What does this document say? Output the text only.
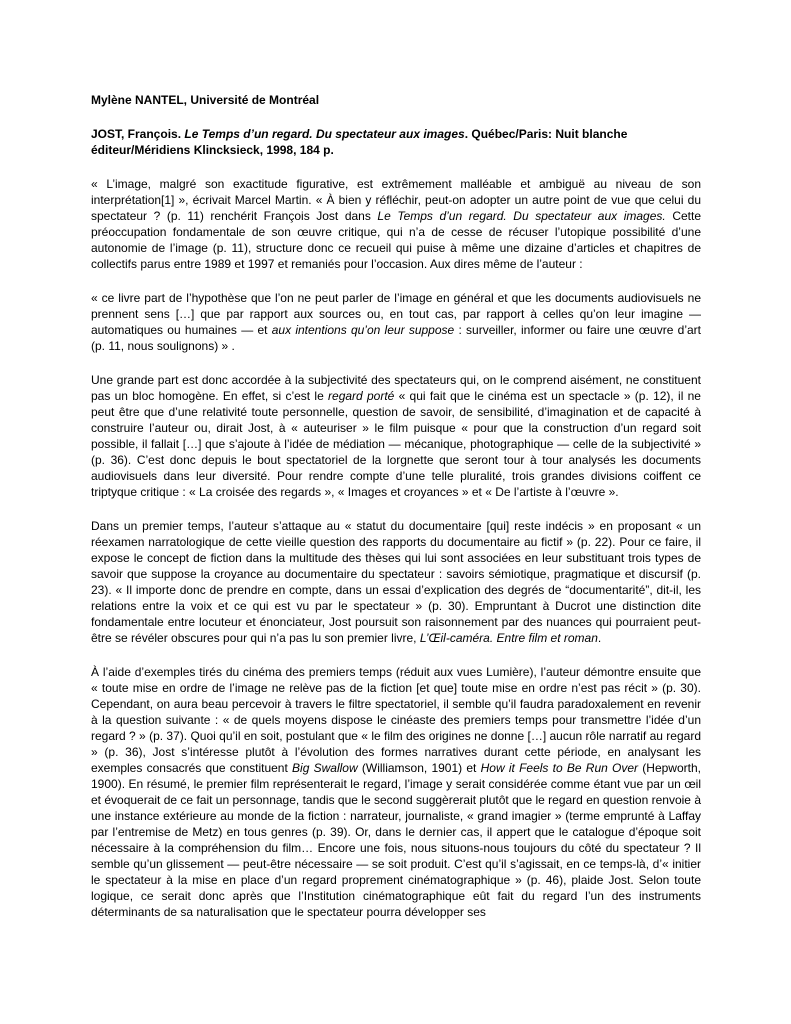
Mylène NANTEL, Université de Montréal

JOST, François. Le Temps d’un regard. Du spectateur aux images. Québec/Paris: Nuit blanche éditeur/Méridiens Klincksieck, 1998, 184 p.

« L’image, malgré son exactitude figurative, est extrêmement malléable et ambiguë au niveau de son interprétation[1] », écrivait Marcel Martin. « À bien y réfléchir, peut-on adopter un autre point de vue que celui du spectateur ? (p. 11) renchérit François Jost dans Le Temps d’un regard. Du spectateur aux images. Cette préoccupation fondamentale de son œuvre critique, qui n’a de cesse de récuser l’utopique possibilité d’une autonomie de l’image (p. 11), structure donc ce recueil qui puise à même une dizaine d’articles et chapitres de collectifs parus entre 1989 et 1997 et remaniés pour l’occasion. Aux dires même de l’auteur :

« ce livre part de l’hypothèse que l’on ne peut parler de l’image en général et que les documents audiovisuels ne prennent sens […] que par rapport aux sources ou, en tout cas, par rapport à celles qu’on leur imagine — automatiques ou humaines — et aux intentions qu’on leur suppose : surveiller, informer ou faire une œuvre d’art (p. 11, nous soulignons) » .

Une grande part est donc accordée à la subjectivité des spectateurs qui, on le comprend aisément, ne constituent pas un bloc homogène. En effet, si c’est le regard porté « qui fait que le cinéma est un spectacle » (p. 12), il ne peut être que d’une relativité toute personnelle, question de savoir, de sensibilité, d’imagination et de capacité à construire l’auteur ou, dirait Jost, à « auteuriser » le film puisque « pour que la construction d’un regard soit possible, il fallait […] que s’ajoute à l’idée de médiation — mécanique, photographique — celle de la subjectivité » (p. 36). C’est donc depuis le bout spectatoriel de la lorgnette que seront tour à tour analysés les documents audiovisuels dans leur diversité. Pour rendre compte d’une telle pluralité, trois grandes divisions coiffent ce triptyque critique : « La croisée des regards », « Images et croyances » et « De l’artiste à l’œuvre ».

Dans un premier temps, l’auteur s’attaque au « statut du documentaire [qui] reste indécis » en proposant « un réexamen narratologique de cette vieille question des rapports du documentaire au fictif » (p. 22). Pour ce faire, il expose le concept de fiction dans la multitude des thèses qui lui sont associées en leur substituant trois types de savoir que suppose la croyance au documentaire du spectateur : savoirs sémiotique, pragmatique et discursif (p. 23). « Il importe donc de prendre en compte, dans un essai d’explication des degrés de “documentarité”, dit-il, les relations entre la voix et ce qui est vu par le spectateur » (p. 30). Empruntant à Ducrot une distinction dite fondamentale entre locuteur et énonciateur, Jost poursuit son raisonnement par des nuances qui pourraient peut-être se révéler obscures pour qui n’a pas lu son premier livre, L’Œil-caméra. Entre film et roman.

À l’aide d’exemples tirés du cinéma des premiers temps (réduit aux vues Lumière), l’auteur démontre ensuite que « toute mise en ordre de l’image ne relève pas de la fiction [et que] toute mise en ordre n’est pas récit » (p. 30). Cependant, on aura beau percevoir à travers le filtre spectatoriel, il semble qu’il faudra paradoxalement en revenir à la question suivante : « de quels moyens dispose le cinéaste des premiers temps pour transmettre l’idée d’un regard ? » (p. 37). Quoi qu’il en soit, postulant que « le film des origines ne donne […] aucun rôle narratif au regard » (p. 36), Jost s’intéresse plutôt à l’évolution des formes narratives durant cette période, en analysant les exemples consacrés que constituent Big Swallow (Williamson, 1901) et How it Feels to Be Run Over (Hepworth, 1900). En résumé, le premier film représenterait le regard, l’image y serait considérée comme étant vue par un œil et évoquerait de ce fait un personnage, tandis que le second suggèrerait plutôt que le regard en question renvoie à une instance extérieure au monde de la fiction : narrateur, journaliste, « grand imagier » (terme emprunté à Laffay par l’entremise de Metz) en tous genres (p. 39). Or, dans le dernier cas, il appert que le catalogue d’époque soit nécessaire à la compréhension du film… Encore une fois, nous situons-nous toujours du côté du spectateur ? Il semble qu’un glissement — peut-être nécessaire — se soit produit. C’est qu’il s’agissait, en ce temps-là, d’« initier le spectateur à la mise en place d’un regard proprement cinématographique » (p. 46), plaide Jost. Selon toute logique, ce serait donc après que l’Institution cinématographique eût fait du regard l’un des instruments déterminants de sa naturalisation que le spectateur pourra développer ses
